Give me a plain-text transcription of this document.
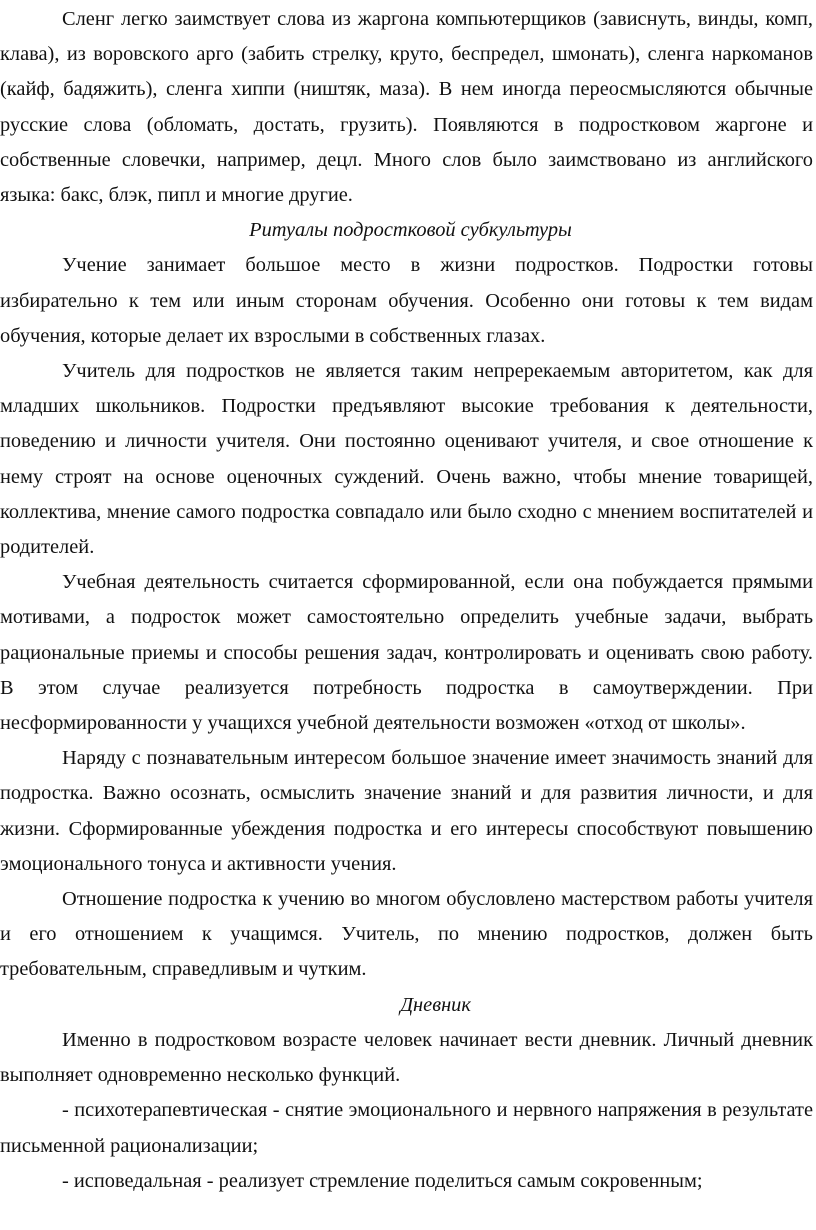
Сленг легко заимствует слова из жаргона компьютерщиков (зависнуть, винды, комп, клава), из воровского арго (забить стрелку, круто, беспредел, шмонать), сленга наркоманов (кайф, бадяжить), сленга хиппи (ништяк, маза). В нем иногда переосмысляются обычные русские слова (обломать, достать, грузить). Появляются в подростковом жаргоне и собственные словечки, например, децл. Много слов было заимствовано из английского языка: бакс, блэк, пипл и многие другие.

Ритуалы подростковой субкультуры

Учение занимает большое место в жизни подростков. Подростки готовы избирательно к тем или иным сторонам обучения. Особенно они готовы к тем видам обучения, которые делает их взрослыми в собственных глазах.

Учитель для подростков не является таким непререкаемым авторитетом, как для младших школьников. Подростки предъявляют высокие требования к деятельности, поведению и личности учителя. Они постоянно оценивают учителя, и свое отношение к нему строят на основе оценочных суждений. Очень важно, чтобы мнение товарищей, коллектива, мнение самого подростка совпадало или было сходно с мнением воспитателей и родителей.

Учебная деятельность считается сформированной, если она побуждается прямыми мотивами, а подросток может самостоятельно определить учебные задачи, выбрать рациональные приемы и способы решения задач, контролировать и оценивать свою работу. В этом случае реализуется потребность подростка в самоутверждении. При несформированности у учащихся учебной деятельности возможен «отход от школы».

Наряду с познавательным интересом большое значение имеет значимость знаний для подростка. Важно осознать, осмыслить значение знаний и для развития личности, и для жизни. Сформированные убеждения подростка и его интересы способствуют повышению эмоционального тонуса и активности учения.

Отношение подростка к учению во многом обусловлено мастерством работы учителя и его отношением к учащимся. Учитель, по мнению подростков, должен быть требовательным, справедливым и чутким.

Дневник

Именно в подростковом возрасте человек начинает вести дневник. Личный дневник выполняет одновременно несколько функций.

- психотерапевтическая - снятие эмоционального и нервного напряжения в результате письменной рационализации;

- исповедальная - реализует стремление поделиться самым сокровенным;
